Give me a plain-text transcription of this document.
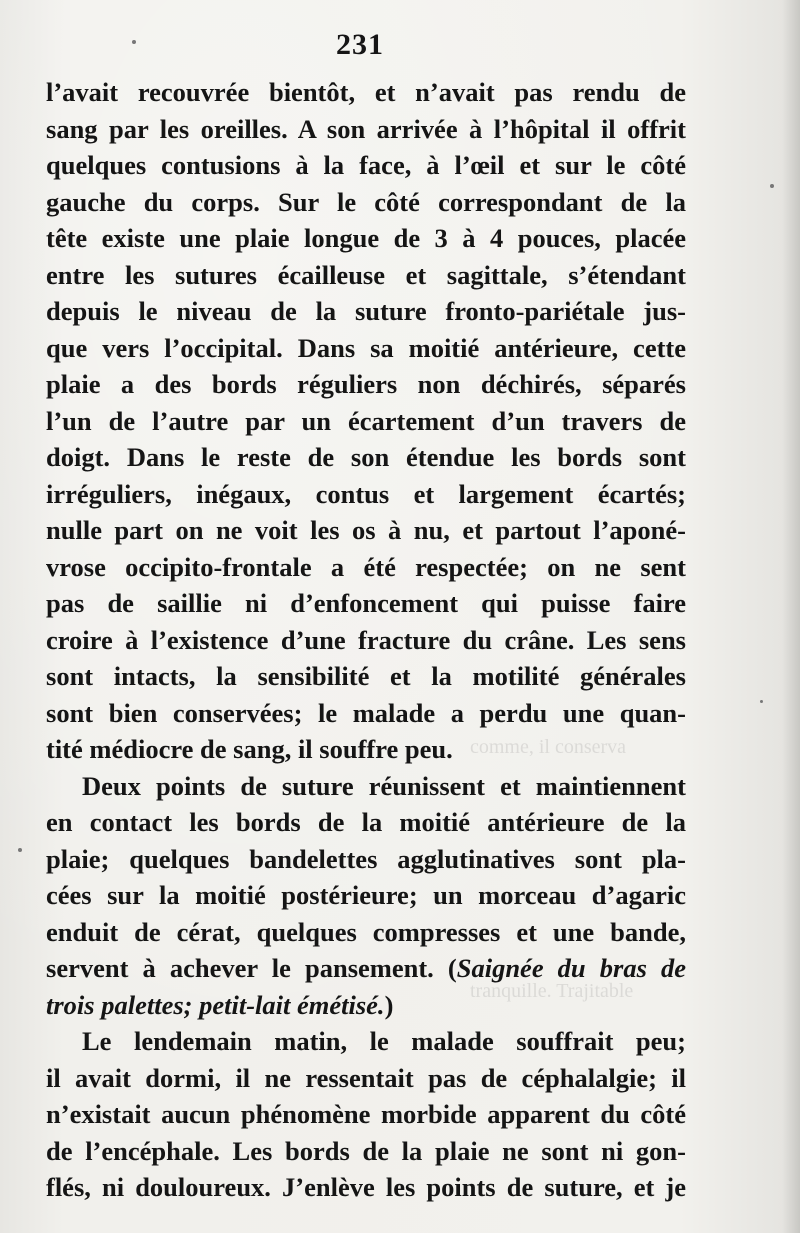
comme, il conserva
tranquille. Trajitable
231
l’avait recouvrée bientôt, et n’avait pas rendu de
sang par les oreilles. A son arrivée à l’hôpital il offrit
quelques contusions à la face, à l’œil et sur le côté
gauche du corps. Sur le côté correspondant de la
tête existe une plaie longue de 3 à 4 pouces, placée
entre les sutures écailleuse et sagittale, s’étendant
depuis le niveau de la suture fronto-pariétale jus-
que vers l’occipital. Dans sa moitié antérieure, cette
plaie a des bords réguliers non déchirés, séparés
l’un de l’autre par un écartement d’un travers de
doigt. Dans le reste de son étendue les bords sont
irréguliers, inégaux, contus et largement écartés;
nulle part on ne voit les os à nu, et partout l’aponé-
vrose occipito-frontale a été respectée; on ne sent
pas de saillie ni d’enfoncement qui puisse faire
croire à l’existence d’une fracture du crâne. Les sens
sont intacts, la sensibilité et la motilité générales
sont bien conservées; le malade a perdu une quan-
tité médiocre de sang, il souffre peu.
Deux points de suture réunissent et maintiennent
en contact les bords de la moitié antérieure de la
plaie; quelques bandelettes agglutinatives sont pla-
cées sur la moitié postérieure; un morceau d’agaric
enduit de cérat, quelques compresses et une bande,
servent à achever le pansement. (Saignée du bras de
trois palettes; petit-lait émétisé.)
Le lendemain matin, le malade souffrait peu;
il avait dormi, il ne ressentait pas de céphalalgie; il
n’existait aucun phénomène morbide apparent du côté
de l’encéphale. Les bords de la plaie ne sont ni gon-
flés, ni douloureux. J’enlève les points de suture, et je
